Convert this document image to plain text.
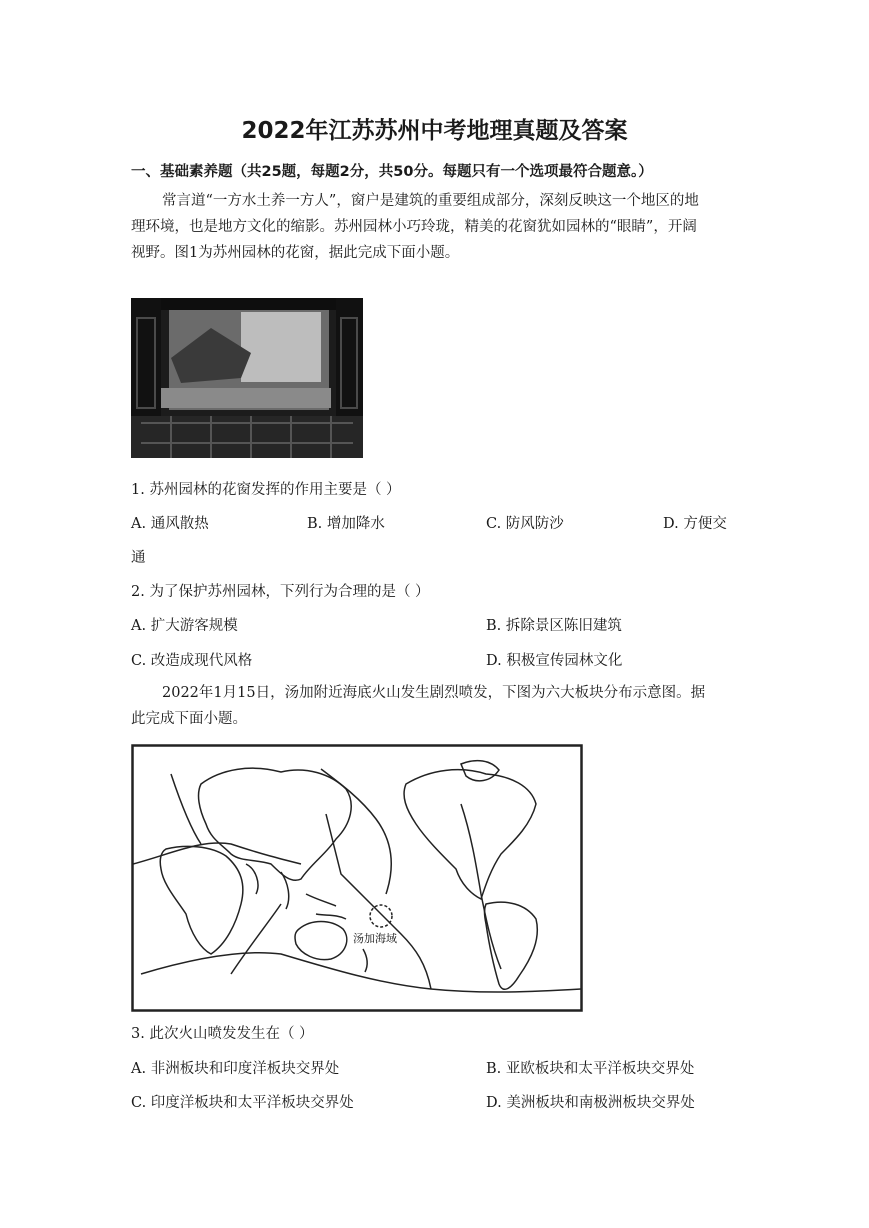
2022年江苏苏州中考地理真题及答案
一、基础素养题（共25题，每题2分，共50分。每题只有一个选项最符合题意。）
常言道“一方水土养一方人”，窗户是建筑的重要组成部分，深刻反映这一个地区的地
理环境，也是地方文化的缩影。苏州园林小巧玲珑，精美的花窗犹如园林的“眼睛”，开阔
视野。图1为苏州园林的花窗，据此完成下面小题。
1. 苏州园林的花窗发挥的作用主要是（ ）
A. 通风散热	B. 增加降水	C. 防风防沙	D. 方便交
通
2. 为了保护苏州园林，下列行为合理的是（ ）
A. 扩大游客规模	B. 拆除景区陈旧建筑
C. 改造成现代风格	D. 积极宣传园林文化
2022年1月15日，汤加附近海底火山发生剧烈喷发，下图为六大板块分布示意图。据
此完成下面小题。
汤加海域
3. 此次火山喷发发生在（ ）
A. 非洲板块和印度洋板块交界处	B. 亚欧板块和太平洋板块交界处
C. 印度洋板块和太平洋板块交界处	D. 美洲板块和南极洲板块交界处
